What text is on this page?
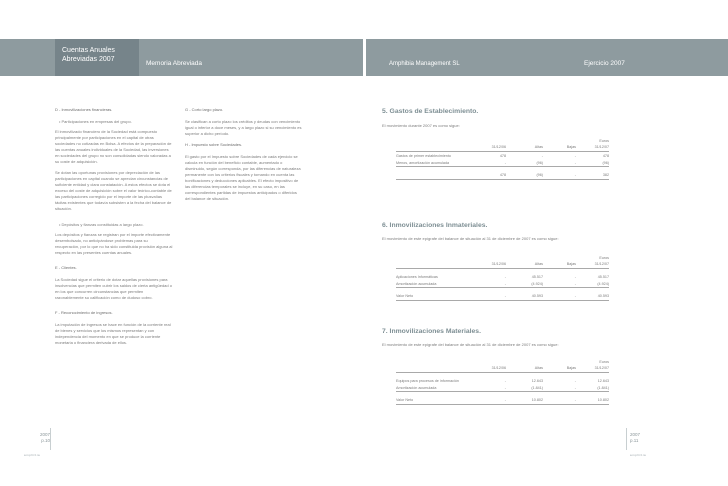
Cuentas Anuales
Abreviadas 2007
Memoria Abreviada	Amphibia Management SL	Ejercicio 2007

D - Inmovilizaciones financieras.

• Participaciones en empresas del grupo.

El inmovilizado financiero de la Sociedad está compuesto principalmente por participaciones en el capital de otras sociedades no cotizadas en Bolsa. A efectos de la preparación de las cuentas anuales individuales de la Sociedad, las inversiones en sociedades del grupo no son consolidadas siendo valoradas a su coste de adquisición.

Se dotan las oportunas provisiones por depreciación de las participaciones en capital cuando se aprecian circunstancias de suficiente entidad y clara constatación. A estos efectos se dota el exceso del coste de adquisición sobre el valor teórico-contable de las participaciones corregido por el importe de las plusvalías tácitas existentes que todavía subsisten a la fecha del balance de situación.

• Depósitos y fianzas constituidas a largo plazo.

Los depósitos y fianzas se registran por el importe efectivamente desembolsado, no anticipándose problemas para su recuperación, por lo que no ha sido constituida provisión alguna al respecto en las presentes cuentas anuales.

E - Clientes.

La Sociedad sigue el criterio de dotar aquellas provisiones para insolvencias que permiten cubrir los saldos de cierta antigüedad o en los que concurren circunstancias que permiten razonablemente su calificación como de dudoso cobro.

F - Reconocimiento de ingresos.

La imputación de ingresos se hace en función de la corriente real de bienes y servicios que los mismos representan y con independencia del momento en que se produce la corriente monetaria o financiera derivada de ellos.

G - Corto largo plazo.

Se clasifican a corto plazo los créditos y deudas con vencimiento igual o inferior a doce meses, y a largo plazo si su vencimiento es superior a dicho período.

H - Impuesto sobre Sociedades.

El gasto por el Impuesto sobre Sociedades de cada ejercicio se calcula en función del beneficio contable, aumentado o disminuido, según corresponda, por las diferencias de naturaleza permanente con los criterios fiscales y tomando en cuenta las bonificaciones y deducciones aplicables. El efecto impositivo de las diferencias temporales se incluye, en su caso, en las correspondientes partidas de impuestos anticipados o diferidos del balance de situación.

5. Gastos de Establecimiento.
El movimiento durante 2007 es como sigue:
Euros
31/12/06	Altas	Bajas	31/12/07
Gastos de primer establecimiento	478	-	-	478
Menos, amortización acumulada	-	(96)	-	(96)
478	(96)	-	382
6. Inmovilizaciones Inmateriales.
El movimiento de este epígrafe del balance de situación al 31 de diciembre de 2007 es como sigue:
Euros
31/12/06	Altas	Bajas	31/12/07
Aplicaciones Informáticas	-	45.517	-	45.517
Amortización acumulada	-	(4.924)	-	(4.924)
Valor Neto	-	40.593	-	40.593
7. Inmovilizaciones Materiales.
El movimiento de este epígrafe del balance de situación al 31 de diciembre de 2007 es como sigue:
Euros
31/12/06	Altas	Bajas	31/12/07
Equipos para procesos de información	-	12.643	-	12.643
Amortización acumulada	-	(1.841)	-	(1.841)
Valor Neto	-	10.802	-	10.802
2007
p.10
amphibia
2007
p.11
amphibia
